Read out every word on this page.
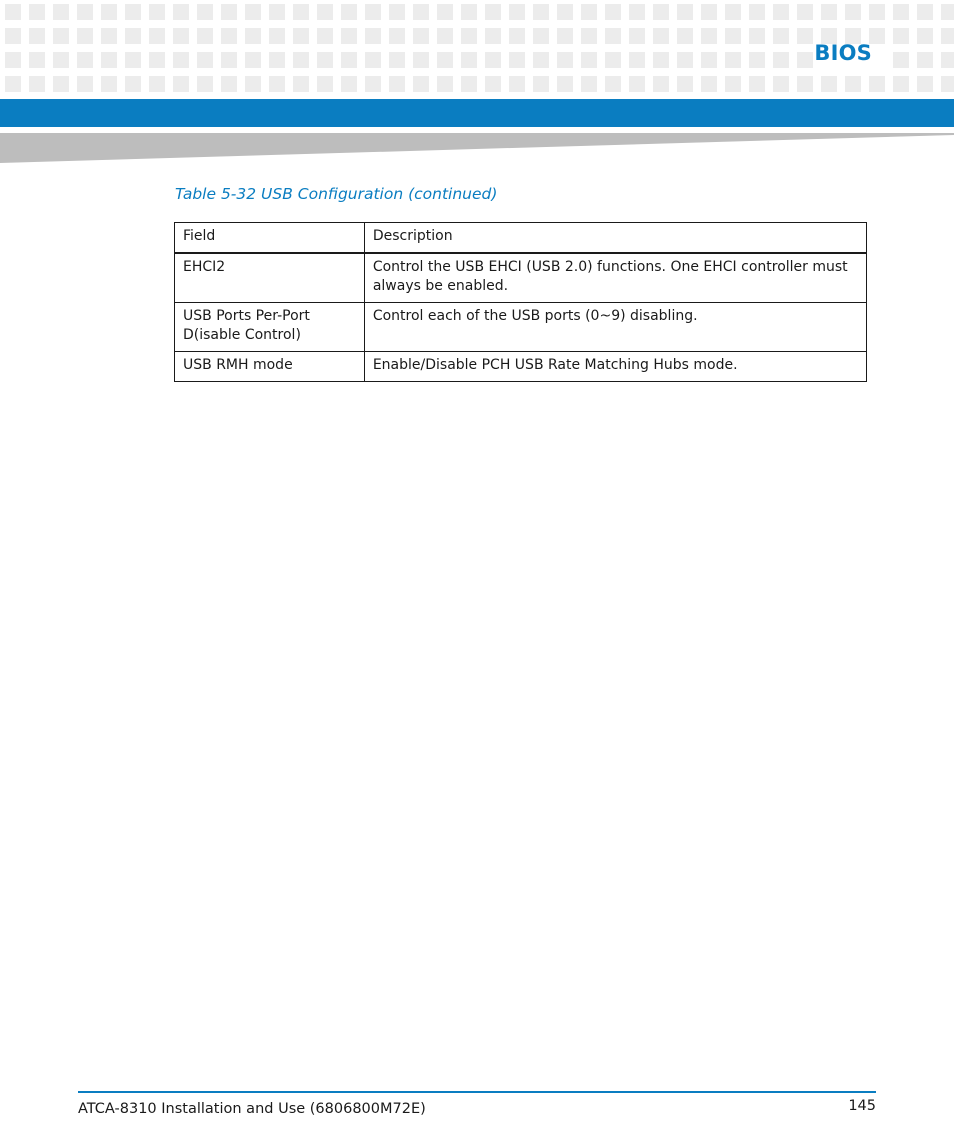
BIOS
Table 5-32 USB Configuration (continued)
Field	Description
EHCI2	Control the USB EHCI (USB 2.0) functions. One EHCI controller must always be enabled.
USB Ports Per-Port D(isable Control)	Control each of the USB ports (0~9) disabling.
USB RMH mode	Enable/Disable PCH USB Rate Matching Hubs mode.
ATCA-8310 Installation and Use (6806800M72E)	145
